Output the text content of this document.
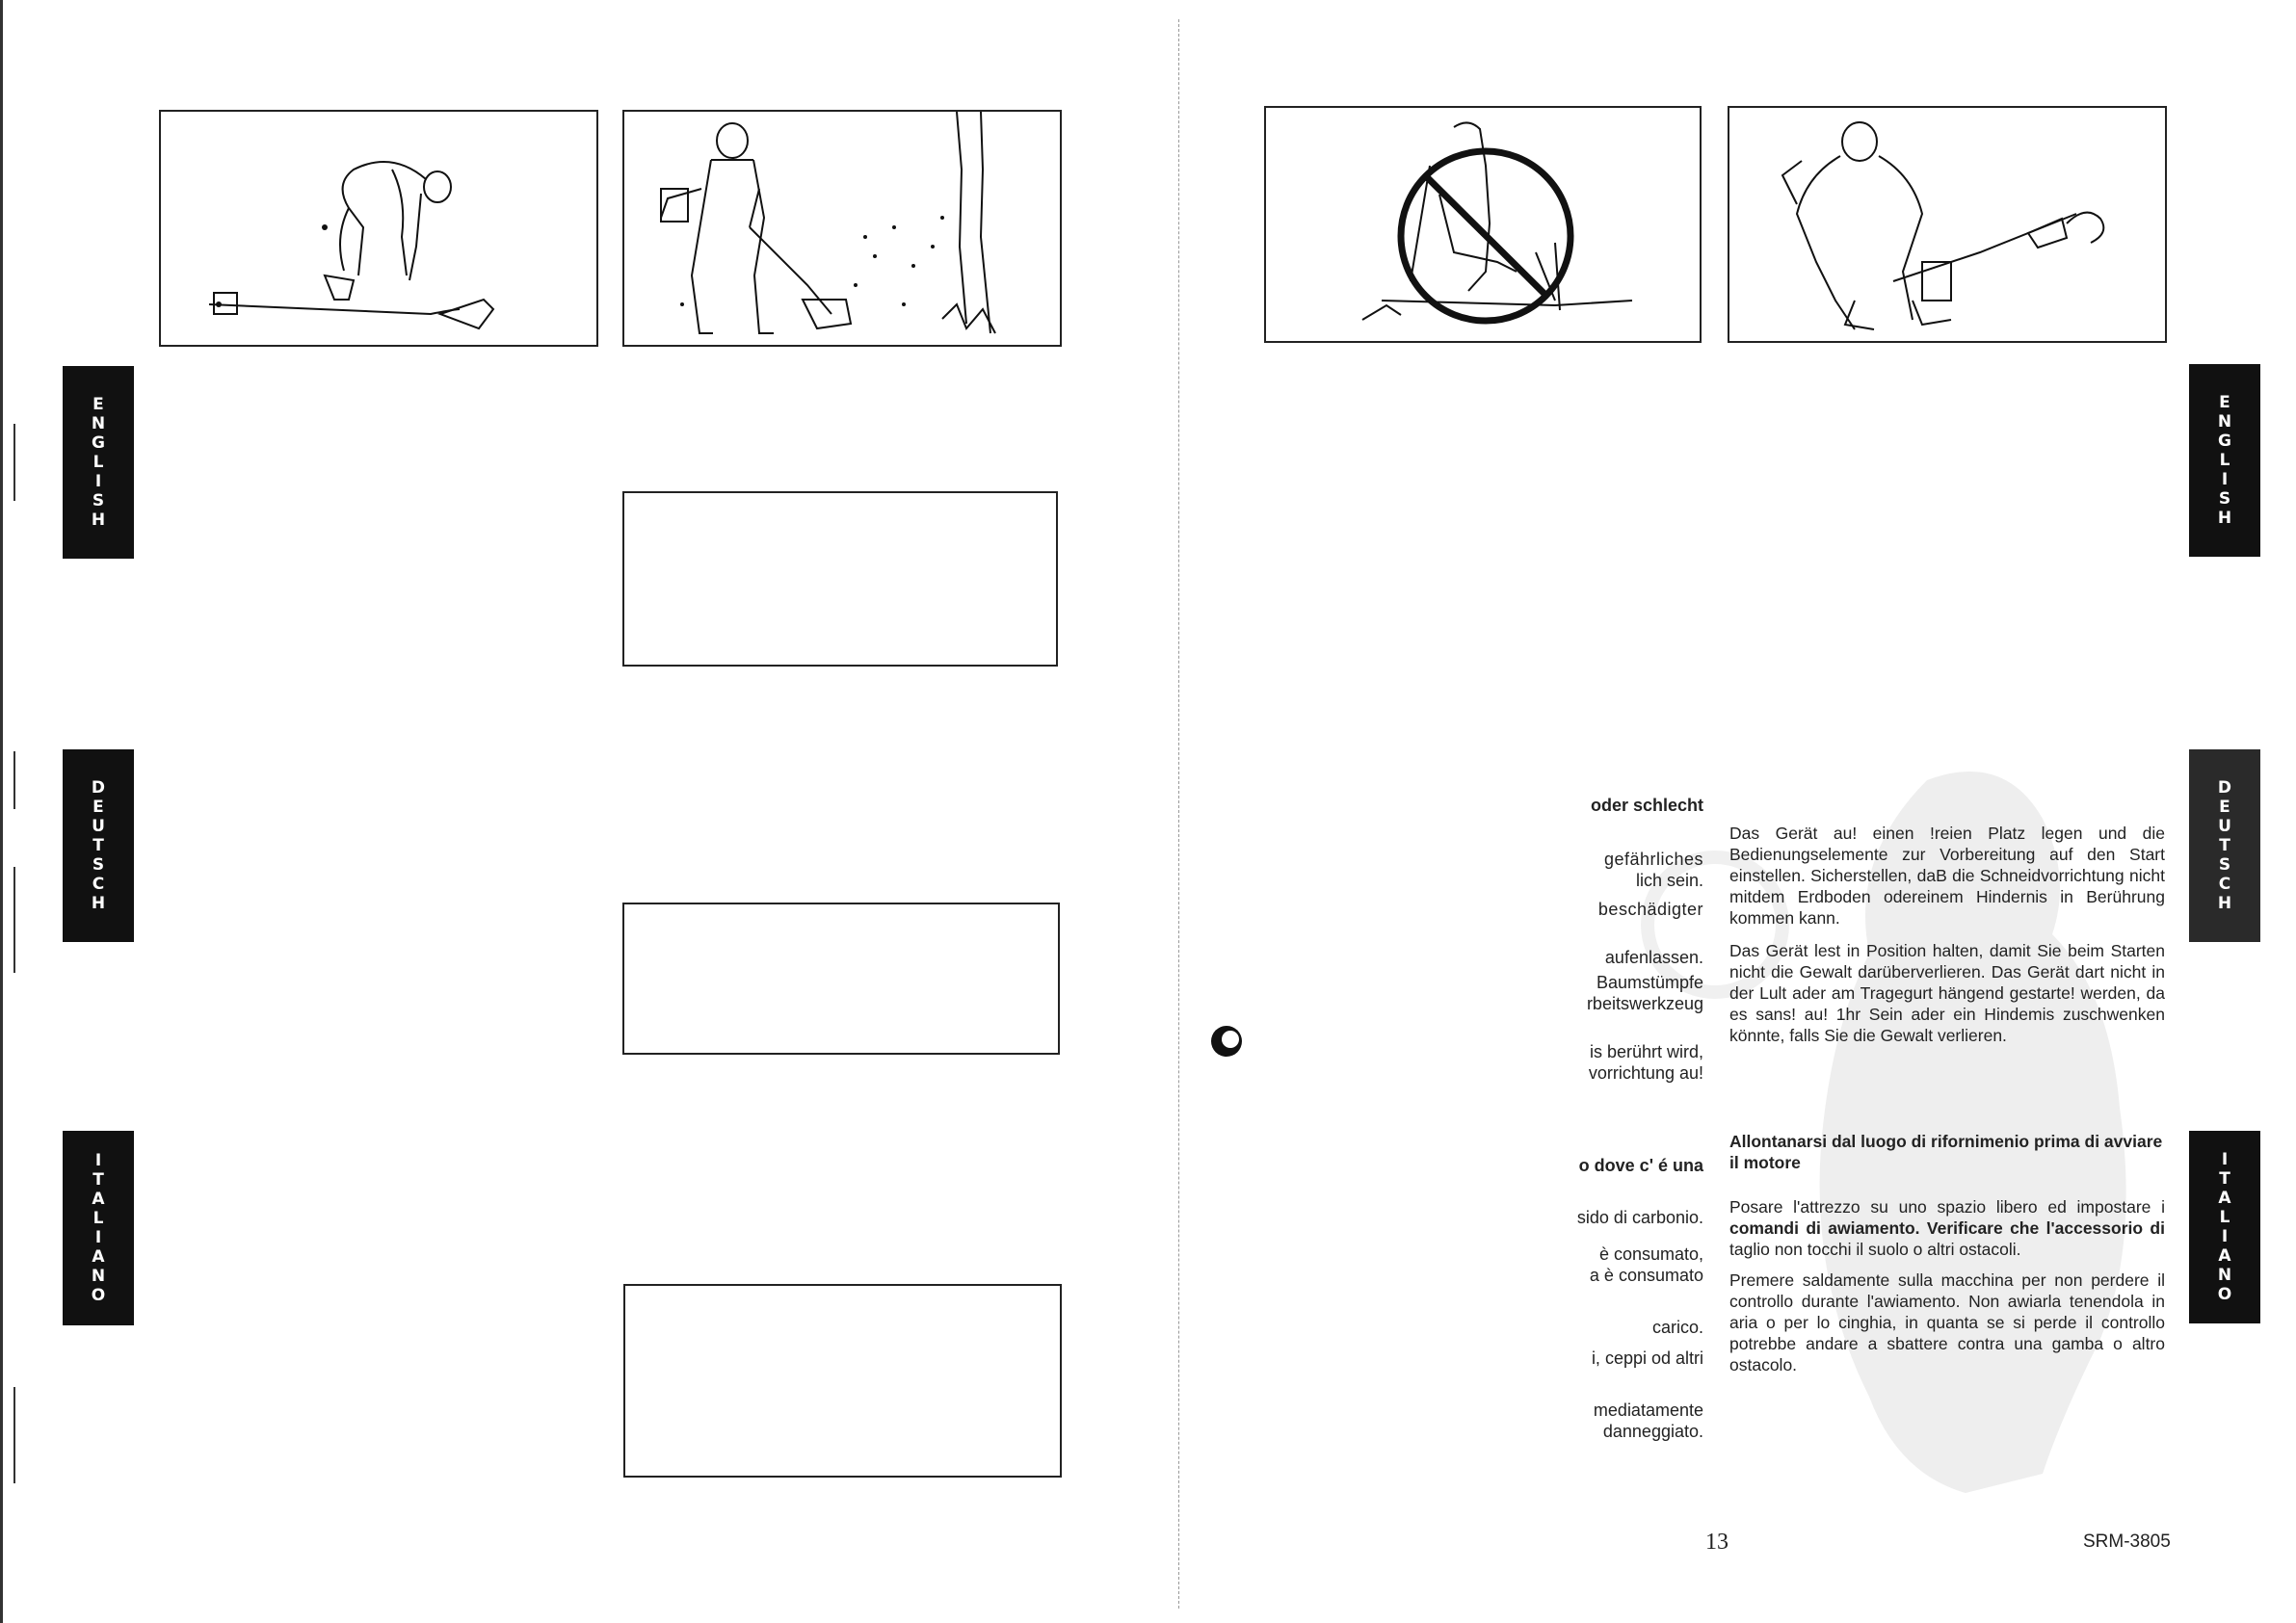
E
N
G
L
I
S
H
D
E
U
T
S
C
H
I
T
A
L
I
A
N
O
oder schlecht
gefährliches
lich sein.
beschädigter
aufenlassen.
Baumstümpfe
rbeitswerkzeug
is berührt wird,
vorrichtung au!
Das Gerät au! einen !reien Platz legen und die Bedienungselemente zur Vorbereitung auf den Start einstellen. Sicherstellen, daB die Schneidvorrichtung nicht mitdem Erdboden odereinem Hindernis in Berührung kommen kann.
Das Gerät lest in Position halten, damit Sie beim Starten nicht die Gewalt darüberverlieren. Das Gerät dart nicht in der Lult ader am Tragegurt hängend gestarte! werden, da es sans! au! 1hr Sein ader ein Hindemis zuschwenken könnte, falls Sie die Gewalt verlieren.
o dove c' é una
sido di carbonio.
è consumato,
a è consumato
carico.
i, ceppi od altri
mediatamente
danneggiato.
Allontanarsi dal luogo di rifornimenio prima di avviare il motore
Posare l'attrezzo su uno spazio libero ed impostare i comandi di awiamento. Verificare che l'accessorio di taglio non tocchi il suolo o altri ostacoli.
Premere saldamente sulla macchina per non perdere il controllo durante l'awiamento. Non awiarla tenendola in aria o per lo cinghia, in quanta se si perde il controllo potrebbe andare a sbattere contra una gamba o altro ostacolo.
E
N
G
L
I
S
H
D
E
U
T
S
C
H
I
T
A
L
I
A
N
O
13	SRM-3805
